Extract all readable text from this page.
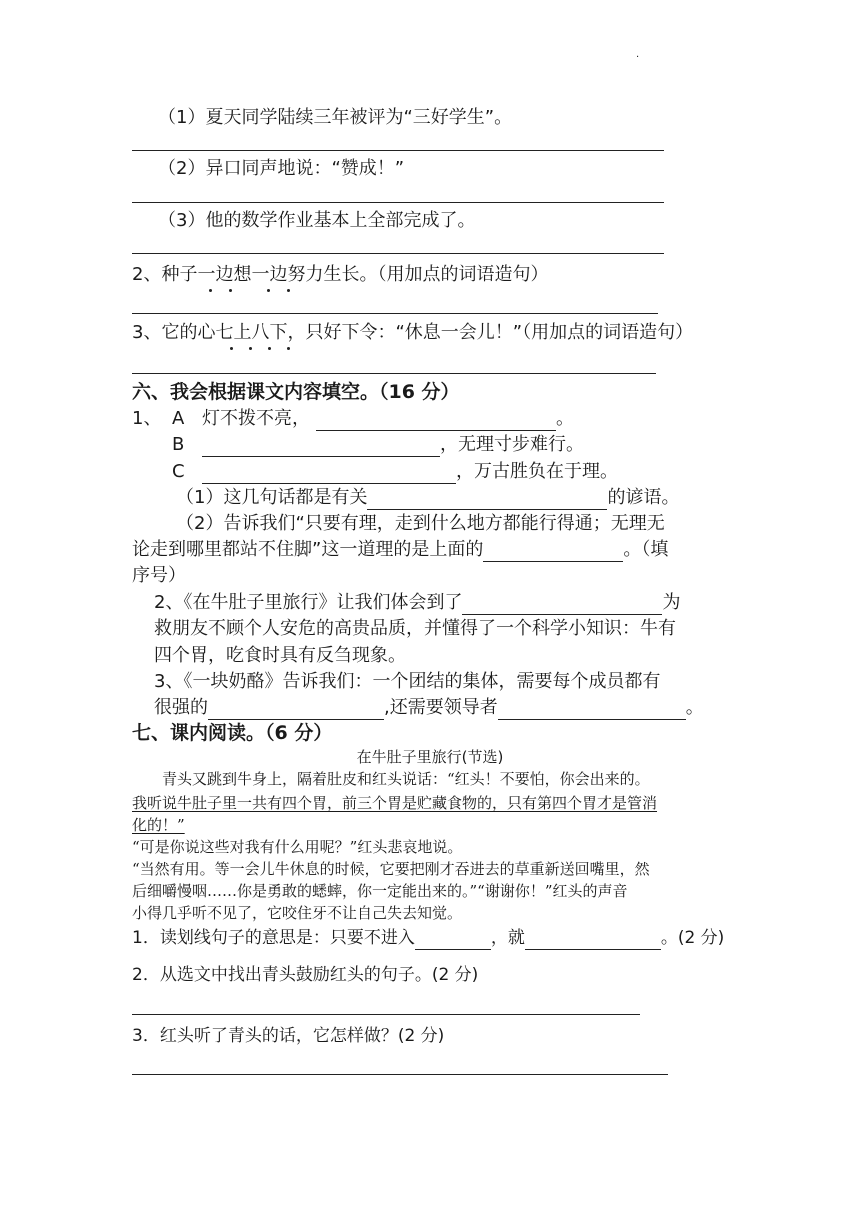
·
（1）夏天同学陆续三年被评为“三好学生”。
（2）异口同声地说：“赞成！”
（3）他的数学作业基本上全部完成了。
2、种子一边想一边努力生长。（用加点的词语造句）
3、它的心七上八下，只好下令：“休息一会儿！”（用加点的词语造句）
六、我会根据课文内容填空。（16 分）
1、 A 灯不拨不亮，	。
B	，无理寸步难行。
C	，万古胜负在于理。
（1）这几句话都是有关	的谚语。
（2）告诉我们“只要有理，走到什么地方都能行得通；无理无
论走到哪里都站不住脚”这一道理的是上面的	。（填
序号）
2、《在牛肚子里旅行》让我们体会到了	为
救朋友不顾个人安危的高贵品质，并懂得了一个科学小知识：牛有
四个胃，吃食时具有反刍现象。
3、《一块奶酪》告诉我们：一个团结的集体，需要每个成员都有
很强的	,还需要领导者	。
七、课内阅读。（6 分）
在牛肚子里旅行(节选)
青头又跳到牛身上，隔着肚皮和红头说话：“红头！不要怕，你会出来的。
我听说牛肚子里一共有四个胃，前三个胃是贮藏食物的，只有第四个胃才是管消
化的！”
“可是你说这些对我有什么用呢？”红头悲哀地说。
“当然有用。等一会儿牛休息的时候，它要把刚才吞进去的草重新送回嘴里，然
后细嚼慢咽……你是勇敢的蟋蟀，你一定能出来的。”“谢谢你！”红头的声音
小得几乎听不见了，它咬住牙不让自己失去知觉。
1．读划线句子的意思是：只要不进入	，就	。(2 分)
2．从选文中找出青头鼓励红头的句子。(2 分)
3．红头听了青头的话，它怎样做？(2 分)
